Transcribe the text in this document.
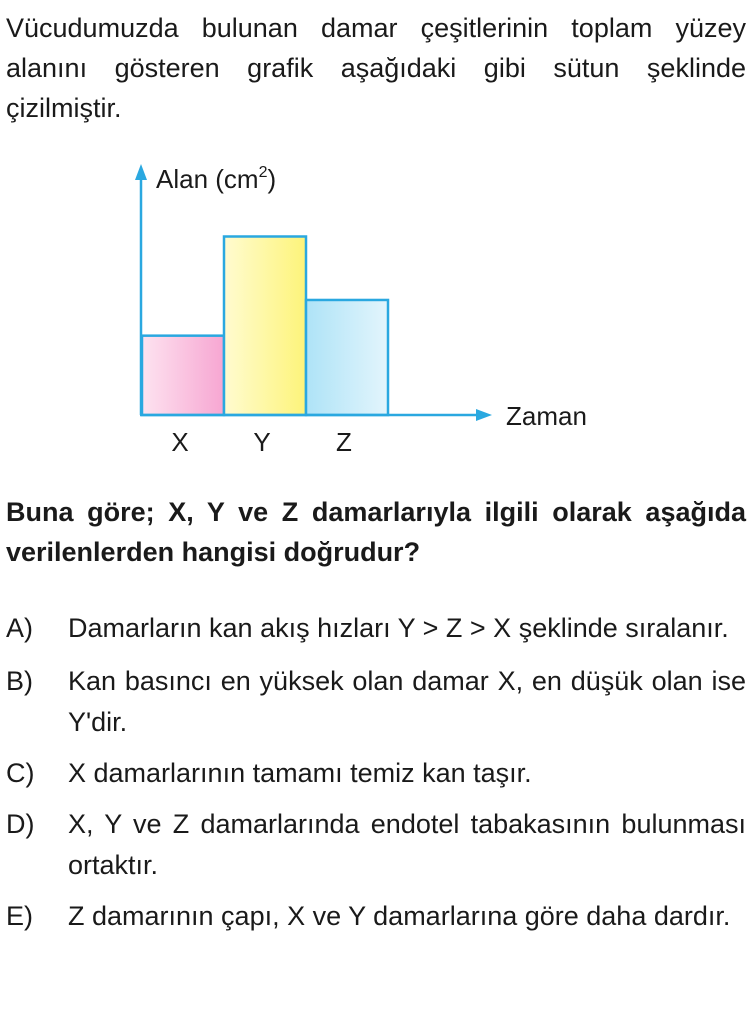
Vücudumuzda bulunan damar çeşitlerinin toplam yüzey alanını gösteren grafik aşağıdaki gibi sütun şeklinde çizilmiştir.

Alan $(cm^2)$
Zaman
X Y	Z

Buna göre; X, Y ve Z damarlarıyla ilgili olarak aşağıda verilenlerden hangisi doğrudur?

A) Damarların kan akış hızları Y > Z > X şeklinde sıralanır.
B) Kan basıncı en yüksek olan damar X, en düşük olan ise Y'dir.
C) X damarlarının tamamı temiz kan taşır.
D) X, Y ve Z damarlarında endotel tabakasının bulunması ortaktır.
E) Z damarının çapı, X ve Y damarlarına göre daha dardır.
